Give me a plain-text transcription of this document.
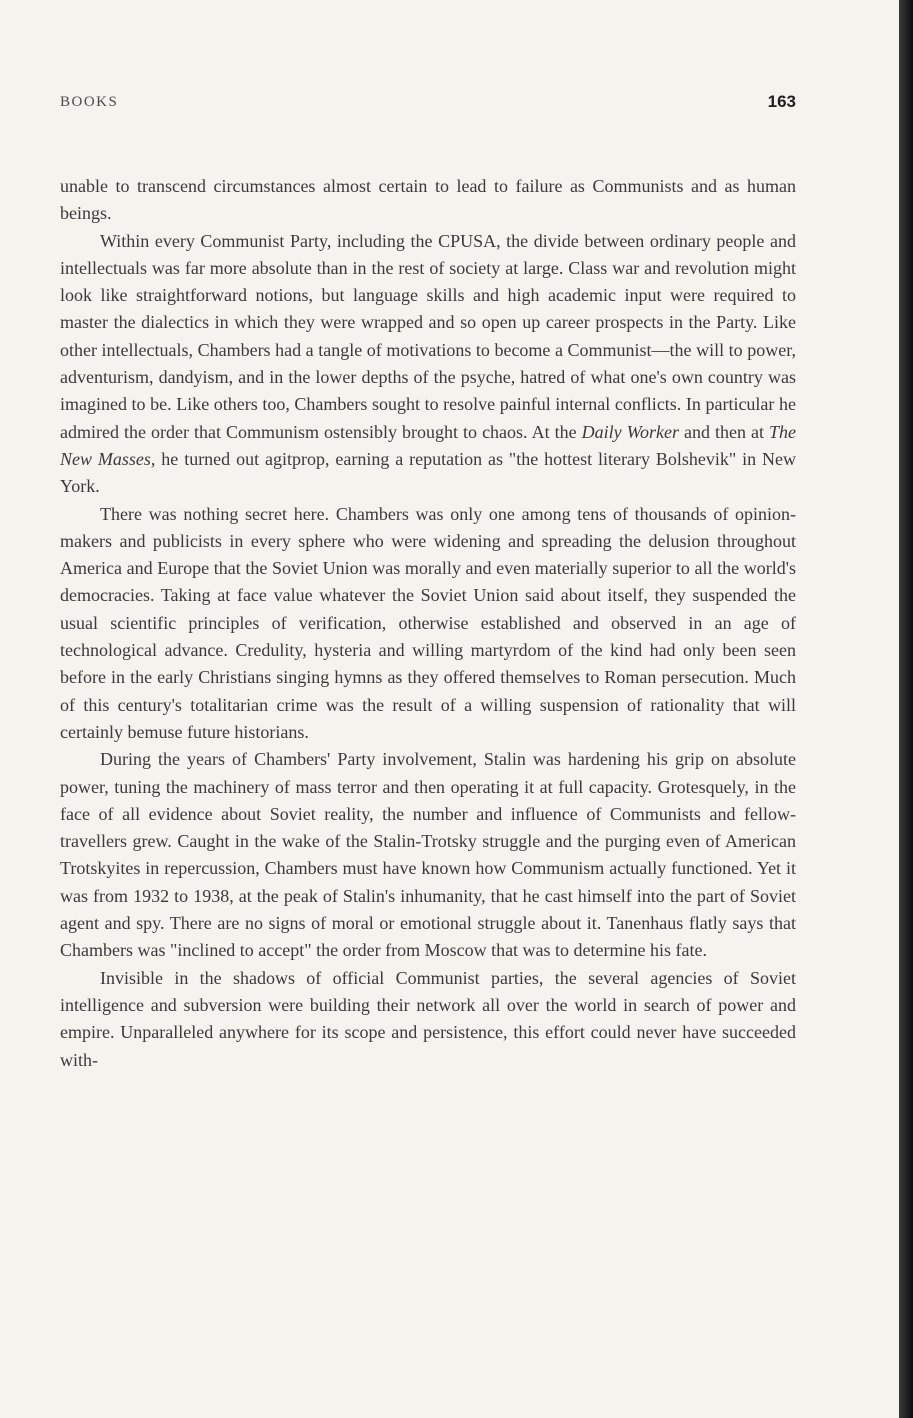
BOOKS	163

unable to transcend circumstances almost certain to lead to failure as Communists and as human beings.

Within every Communist Party, including the CPUSA, the divide between ordinary people and intellectuals was far more absolute than in the rest of society at large. Class war and revolution might look like straightforward notions, but language skills and high academic input were required to master the dialectics in which they were wrapped and so open up career prospects in the Party. Like other intellectuals, Chambers had a tangle of motivations to become a Communist—the will to power, adventurism, dandyism, and in the lower depths of the psyche, hatred of what one's own country was imagined to be. Like others too, Chambers sought to resolve painful internal conflicts. In particular he admired the order that Communism ostensibly brought to chaos. At the Daily Worker and then at The New Masses, he turned out agitprop, earning a reputation as "the hottest literary Bolshevik" in New York.

There was nothing secret here. Chambers was only one among tens of thousands of opinion-makers and publicists in every sphere who were widening and spreading the delusion throughout America and Europe that the Soviet Union was morally and even materially superior to all the world's democracies. Taking at face value whatever the Soviet Union said about itself, they suspended the usual scientific principles of verification, otherwise established and observed in an age of technological advance. Credulity, hysteria and willing martyrdom of the kind had only been seen before in the early Christians singing hymns as they offered themselves to Roman persecution. Much of this century's totalitarian crime was the result of a willing suspension of rationality that will certainly bemuse future historians.

During the years of Chambers' Party involvement, Stalin was hardening his grip on absolute power, tuning the machinery of mass terror and then operating it at full capacity. Grotesquely, in the face of all evidence about Soviet reality, the number and influence of Communists and fellow-travellers grew. Caught in the wake of the Stalin-Trotsky struggle and the purging even of American Trotskyites in repercussion, Chambers must have known how Communism actually functioned. Yet it was from 1932 to 1938, at the peak of Stalin's inhumanity, that he cast himself into the part of Soviet agent and spy. There are no signs of moral or emotional struggle about it. Tanenhaus flatly says that Chambers was "inclined to accept" the order from Moscow that was to determine his fate.

Invisible in the shadows of official Communist parties, the several agencies of Soviet intelligence and subversion were building their network all over the world in search of power and empire. Unparalleled anywhere for its scope and persistence, this effort could never have succeeded with-
